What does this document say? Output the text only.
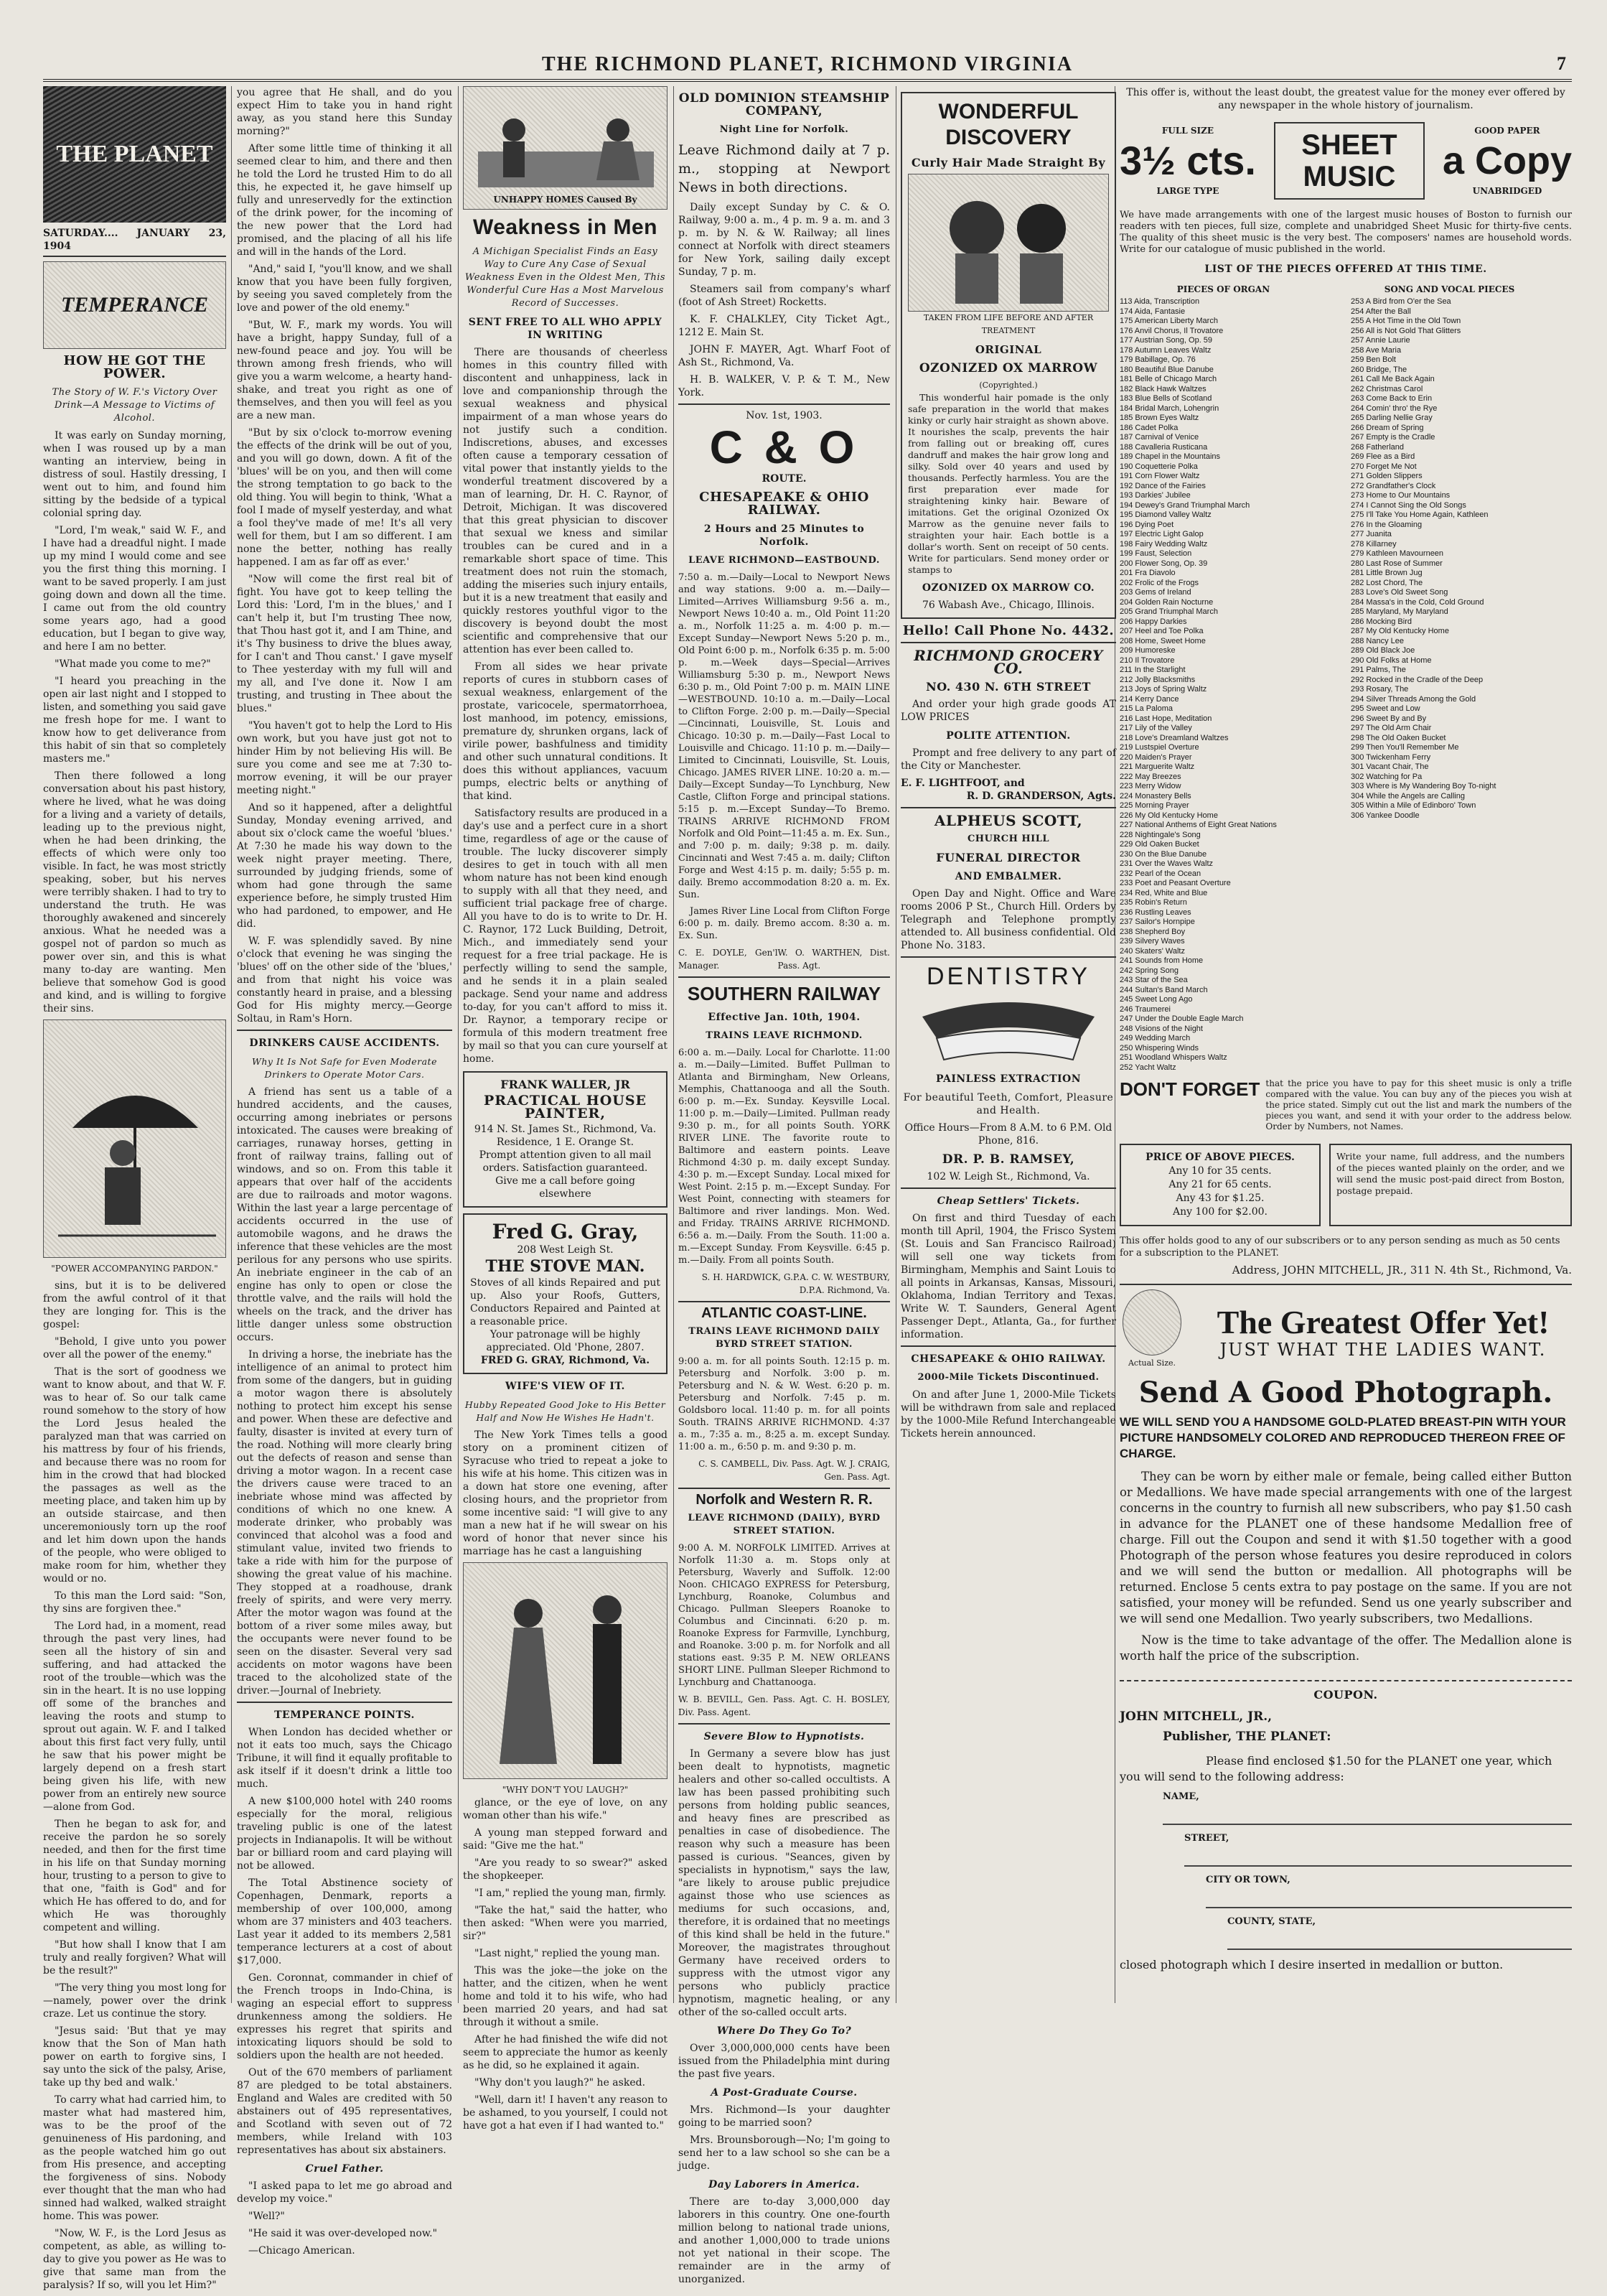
THE RICHMOND PLANET, RICHMOND VIRGINIA	7
THE PLANET
SATURDAY.... JANUARY 23, 1904
TEMPERANCE
HOW HE GOT THE POWER.
The Story of W. F.'s Victory Over Drink—A Message to Victims of Alcohol.

It was early on Sunday morning, when I was roused up by a man wanting an interview, being in distress of soul. Hastily dressing, I went out to him, and found him sitting by the bedside of a typical colonial spring day.

"Lord, I'm weak," said W. F., and I have had a dreadful night. I made up my mind I would come and see you the first thing this morning. I want to be saved properly. I am just going down and down all the time. I came out from the old country some years ago, had a good education, but I began to give way, and here I am no better.

"What made you come to me?"

"I heard you preaching in the open air last night and I stopped to listen, and something you said gave me fresh hope for me. I want to know how to get deliverance from this habit of sin that so completely masters me."

Then there followed a long conversation about his past history, where he lived, what he was doing for a living and a variety of details, leading up to the previous night, when he had been drinking, the effects of which were only too visible. In fact, he was most strictly speaking, sober, but his nerves were terribly shaken. I had to try to understand the truth. He was thoroughly awakened and sincerely anxious. What he needed was a gospel not of pardon so much as power over sin, and this is what many to-day are wanting. Men believe that somehow God is good and kind, and is willing to forgive their sins.

"POWER ACCOMPANYING PARDON."

sins, but it is to be delivered from the awful control of it that they are longing for. This is the gospel:

"Behold, I give unto you power over all the power of the enemy."

That is the sort of goodness we want to know about, and that W. F. was to hear of. So our talk came round somehow to the story of how the Lord Jesus healed the paralyzed man that was carried on his mattress by four of his friends, and because there was no room for him in the crowd that had blocked the passages as well as the meeting place, and taken him up by an outside staircase, and then unceremoniously torn up the roof and let him down upon the hands of the people, who were obliged to make room for him, whether they would or no.

To this man the Lord said: "Son, thy sins are forgiven thee."

The Lord had, in a moment, read through the past very lines, had seen all the history of sin and suffering, and had attacked the root of the trouble—which was the sin in the heart. It is no use lopping off some of the branches and leaving the roots and stump to sprout out again. W. F. and I talked about this first fact very fully, until he saw that his power might be largely depend on a fresh start being given his life, with new power from an entirely new source—alone from God.

Then he began to ask for, and receive the pardon he so sorely needed, and then for the first time in his life on that Sunday morning hour, trusting to a person to give to that one, "faith is God" and for which He has offered to do, and for which He was thoroughly competent and willing.

"But how shall I know that I am truly and really forgiven? What will be the result?"

"The very thing you most long for—namely, power over the drink craze. Let us continue the story.

"Jesus said: 'But that ye may know that the Son of Man hath power on earth to forgive sins, I say unto the sick of the palsy, Arise, take up thy bed and walk.'

To carry what had carried him, to master what had mastered him, was to be the proof of the genuineness of His pardoning, and as the people watched him go out from His presence, and accepting the forgiveness of sins. Nobody ever thought that the man who had sinned had walked, walked straight home. This was power.

"Now, W. F., is the Lord Jesus as competent, as able, as willing to-day to give you power as He was to give that same man from the paralysis? If so, will you let Him?"

you agree that He shall, and do you expect Him to take you in hand right away, as you stand here this Sunday morning?"

After some little time of thinking it all seemed clear to him, and there and then he told the Lord he trusted Him to do all this, he expected it, he gave himself up fully and unreservedly for the extinction of the drink power, for the incoming of the new power that the Lord had promised, and the placing of all his life and will in the hands of the Lord.

"And," said I, "you'll know, and we shall know that you have been fully forgiven, by seeing you saved completely from the love and power of the old enemy."

"But, W. F., mark my words. You will have a bright, happy Sunday, full of a new-found peace and joy. You will be thrown among fresh friends, who will give you a warm welcome, a hearty hand-shake, and treat you right as one of themselves, and then you will feel as you are a new man.

"But by six o'clock to-morrow evening the effects of the drink will be out of you, and you will go down, down. A fit of the 'blues' will be on you, and then will come the strong temptation to go back to the old thing. You will begin to think, 'What a fool I made of myself yesterday, and what a fool they've made of me! It's all very well for them, but I am so different. I am none the better, nothing has really happened. I am as far off as ever.'

"Now will come the first real bit of fight. You have got to keep telling the Lord this: 'Lord, I'm in the blues,' and I can't help it, but I'm trusting Thee now, that Thou hast got it, and I am Thine, and it's Thy business to drive the blues away, for I can't and Thou canst.' I gave myself to Thee yesterday with my full will and my all, and I've done it. Now I am trusting, and trusting in Thee about the blues."

"You haven't got to help the Lord to His own work, but you have just got not to hinder Him by not believing His will. Be sure you come and see me at 7:30 to-morrow evening, it will be our prayer meeting night."

And so it happened, after a delightful Sunday, Monday evening arrived, and about six o'clock came the woeful 'blues.' At 7:30 he made his way down to the week night prayer meeting. There, surrounded by judging friends, some of whom had gone through the same experience before, he simply trusted Him who had pardoned, to empower, and He did.

W. F. was splendidly saved. By nine o'clock that evening he was singing the 'blues' off on the other side of the 'blues,' and from that night his voice was constantly heard in praise, and a blessing God for His mighty mercy.—George Soltau, in Ram's Horn.

DRINKERS CAUSE ACCIDENTS.
Why It Is Not Safe for Even Moderate Drinkers to Operate Motor Cars.

A friend has sent us a table of a hundred accidents, and the causes, occurring among inebriates or persons intoxicated. The causes were breaking of carriages, runaway horses, getting in front of railway trains, falling out of windows, and so on. From this table it appears that over half of the accidents are due to railroads and motor wagons. Within the last year a large percentage of accidents occurred in the use of automobile wagons, and he draws the inference that these vehicles are the most perilous for any persons who use spirits. An inebriate engineer in the cab of an engine has only to open or close the throttle valve, and the rails will hold the wheels on the track, and the driver has little danger unless some obstruction occurs.

In driving a horse, the inebriate has the intelligence of an animal to protect him from some of the dangers, but in guiding a motor wagon there is absolutely nothing to protect him except his sense and power. When these are defective and faulty, disaster is invited at every turn of the road. Nothing will more clearly bring out the defects of reason and sense than driving a motor wagon. In a recent case the drivers cause were traced to an inebriate whose mind was affected by conditions of which no one knew. A moderate drinker, who probably was convinced that alcohol was a food and stimulant value, invited two friends to take a ride with him for the purpose of showing the great value of his machine. They stopped at a roadhouse, drank freely of spirits, and were very merry. After the motor wagon was found at the bottom of a river some miles away, but the occupants were never found to be seen on the disaster. Several very sad accidents on motor wagons have been traced to the alcoholized state of the driver.—Journal of Inebriety.

TEMPERANCE POINTS.

When London has decided whether or not it eats too much, says the Chicago Tribune, it will find it equally profitable to ask itself if it doesn't drink a little too much.

A new $100,000 hotel with 240 rooms especially for the moral, religious traveling public is one of the latest projects in Indianapolis. It will be without bar or billiard room and card playing will not be allowed.

The Total Abstinence society of Copenhagen, Denmark, reports a membership of over 100,000, among whom are 37 ministers and 403 teachers. Last year it added to its members 2,581 temperance lecturers at a cost of about $17,000.

Gen. Coronnat, commander in chief of the French troops in Indo-China, is waging an especial effort to suppress drunkenness among the soldiers. He expresses his regret that spirits and intoxicating liquors should be sold to soldiers upon the health are not heeded.

Out of the 670 members of parliament 87 are pledged to be total abstainers. England and Wales are credited with 50 abstainers out of 495 representatives, and Scotland with seven out of 72 members, while Ireland with 103 representatives has about six abstainers.

Cruel Father.

"I asked papa to let me go abroad and develop my voice."

"Well?"

"He said it was over-developed now."

—Chicago American.

UNHAPPY HOMES Caused By
Weakness in Men
A Michigan Specialist Finds an Easy Way to Cure Any Case of Sexual Weakness Even in the Oldest Men, This Wonderful Cure Has a Most Marvelous Record of Successes.
SENT FREE TO ALL WHO APPLY IN WRITING

There are thousands of cheerless homes in this country filled with discontent and unhappiness, lack in love and companionship through the sexual weakness and physical impairment of a man whose years do not justify such a condition. Indiscretions, abuses, and excesses often cause a temporary cessation of vital power that instantly yields to the wonderful treatment discovered by a man of learning, Dr. H. C. Raynor, of Detroit, Michigan. It was discovered that this great physician to discover that sexual we kness and similar troubles can be cured and in a remarkable short space of time. This treatment does not ruin the stomach, adding the miseries such injury entails, but it is a new treatment that easily and quickly restores youthful vigor to the discovery is beyond doubt the most scientific and comprehensive that our attention has ever been called to.

From all sides we hear private reports of cures in stubborn cases of sexual weakness, enlargement of the prostate, varicocele, spermatorrhoea, lost manhood, im potency, emissions, premature dy, shrunken organs, lack of virile power, bashfulness and timidity and other such unnatural conditions. It does this without appliances, vacuum pumps, electric belts or anything of that kind.

Satisfactory results are produced in a day's use and a perfect cure in a short time, regardless of age or the cause of trouble. The lucky discoverer simply desires to get in touch with all men whom nature has not been kind enough to supply with all that they need, and sufficient trial package free of charge. All you have to do is to write to Dr. H. C. Raynor, 172 Luck Building, Detroit, Mich., and immediately send your request for a free trial package. He is perfectly willing to send the sample, and he sends it in a plain sealed package. Send your name and address to-day, for you can't afford to miss it. Dr. Raynor, a temporary recipe or formula of this modern treatment free by mail so that you can cure yourself at home.

FRANK WALLER, JR
PRACTICAL HOUSE PAINTER,
914 N. St. James St., Richmond, Va.
Residence, 1 E. Orange St.
Prompt attention given to all mail orders. Satisfaction guaranteed.
Give me a call before going elsewhere
Fred G. Gray,
208 West Leigh St.
THE STOVE MAN.
Stoves of all kinds Repaired and put up. Also your Roofs, Gutters, Conductors Repaired and Painted at a reasonable price.
Your patronage will be highly appreciated. Old 'Phone, 2807.
FRED G. GRAY, Richmond, Va.
WIFE'S VIEW OF IT.
Hubby Repeated Good Joke to His Better Half and Now He Wishes He Hadn't.

The New York Times tells a good story on a prominent citizen of Syracuse who tried to repeat a joke to his wife at his home. This citizen was in a down hat store one evening, after closing hours, and the proprietor from some incentive said: "I will give to any man a new hat if he will swear on his word of honor that never since his marriage has he cast a languishing

"WHY DON'T YOU LAUGH?"

glance, or the eye of love, on any woman other than his wife."

A young man stepped forward and said: "Give me the hat."

"Are you ready to so swear?" asked the shopkeeper.

"I am," replied the young man, firmly.

"Take the hat," said the hatter, who then asked: "When were you married, sir?"

"Last night," replied the young man.

This was the joke—the joke on the hatter, and the citizen, when he went home and told it to his wife, who had been married 20 years, and had sat through it without a smile.

After he had finished the wife did not seem to appreciate the humor as keenly as he did, so he explained it again.

"Why don't you laugh?" he asked.

"Well, darn it! I haven't any reason to be ashamed, to you yourself, I could not have got a hat even if I had wanted to."

OLD DOMINION STEAMSHIP COMPANY,
Night Line for Norfolk.

Leave Richmond daily at 7 p. m., stopping at Newport News in both directions.

Daily except Sunday by C. & O. Railway, 9:00 a. m., 4 p. m. 9 a. m. and 3 p. m. by N. & W. Railway; all lines connect at Norfolk with direct steamers for New York, sailing daily except Sunday, 7 p. m.

Steamers sail from company's wharf (foot of Ash Street) Rocketts.

K. F. CHALKLEY, City Ticket Agt., 1212 E. Main St.

JOHN F. MAYER, Agt. Wharf Foot of Ash St., Richmond, Va.

H. B. WALKER, V. P. & T. M., New York.

Nov. 1st, 1903.
C & O
ROUTE.
CHESAPEAKE & OHIO RAILWAY.
2 Hours and 25 Minutes to Norfolk.
LEAVE RICHMOND—EASTBOUND.

7:50 a. m.—Daily—Local to Newport News and way stations. 9:00 a. m.—Daily—Limited—Arrives Williamsburg 9:56 a. m., Newport News 10:40 a. m., Old Point 11:20 a. m., Norfolk 11:25 a. m. 4:00 p. m.—Except Sunday—Newport News 5:20 p. m., Old Point 6:00 p. m., Norfolk 6:35 p. m. 5:00 p. m.—Week days—Special—Arrives Williamsburg 5:30 p. m., Newport News 6:30 p. m., Old Point 7:00 p. m. MAIN LINE—WESTBOUND. 10:10 a. m.—Daily—Local to Clifton Forge. 2:00 p. m.—Daily—Special—Cincinnati, Louisville, St. Louis and Chicago. 10:30 p. m.—Daily—Fast Local to Louisville and Chicago. 11:10 p. m.—Daily—Limited to Cincinnati, Louisville, St. Louis, Chicago. JAMES RIVER LINE. 10:20 a. m.—Daily—Except Sunday—To Lynchburg, New Castle, Clifton Forge and principal stations. 5:15 p. m.—Except Sunday—To Bremo. TRAINS ARRIVE RICHMOND FROM Norfolk and Old Point—11:45 a. m. Ex. Sun., and 7:00 p. m. daily; 9:38 p. m. daily. Cincinnati and West 7:45 a. m. daily; Clifton Forge and West 4:15 p. m. daily; 5:55 p. m. daily. Bremo accommodation 8:20 a. m. Ex. Sun.

James River Line Local from Clifton Forge 6:00 p. m. daily. Bremo accom. 8:30 a. m. Ex. Sun.

C. E. DOYLE, Gen'l Manager.
W. O. WARTHEN, Dist. Pass. Agt.
SOUTHERN RAILWAY
Effective Jan. 10th, 1904.
TRAINS LEAVE RICHMOND.

6:00 a. m.—Daily. Local for Charlotte. 11:00 a. m.—Daily—Limited. Buffet Pullman to Atlanta and Birmingham, New Orleans, Memphis, Chattanooga and all the South. 6:00 p. m.—Ex. Sunday. Keysville Local. 11:00 p. m.—Daily—Limited. Pullman ready 9:30 p. m., for all points South. YORK RIVER LINE. The favorite route to Baltimore and eastern points. Leave Richmond 4:30 p. m. daily except Sunday. 4:30 p. m.—Except Sunday. Local mixed for West Point. 2:15 p. m.—Except Sunday. For West Point, connecting with steamers for Baltimore and river landings. Mon. Wed. and Friday. TRAINS ARRIVE RICHMOND. 6:56 a. m.—Daily. From the South. 11:00 a. m.—Except Sunday. From Keysville. 6:45 p. m.—Daily. From all points South.

S. H. HARDWICK, G.P.A. C. W. WESTBURY, D.P.A. Richmond, Va.
ATLANTIC COAST-LINE.
TRAINS LEAVE RICHMOND DAILY BYRD STREET STATION.

9:00 a. m. for all points South. 12:15 p. m. Petersburg and Norfolk. 3:00 p. m. Petersburg and N. & W. West. 6:20 p. m. Petersburg and Norfolk. 7:45 p. m. Goldsboro local. 11:40 p. m. for all points South. TRAINS ARRIVE RICHMOND. 4:37 a. m., 7:35 a. m., 8:25 a. m. except Sunday. 11:00 a. m., 6:50 p. m. and 9:30 p. m.

C. S. CAMBELL, Div. Pass. Agt. W. J. CRAIG, Gen. Pass. Agt.
Norfolk and Western R. R.
LEAVE RICHMOND (DAILY), BYRD STREET STATION.

9:00 A. M. NORFOLK LIMITED. Arrives at Norfolk 11:30 a. m. Stops only at Petersburg, Waverly and Suffolk. 12:00 Noon. CHICAGO EXPRESS for Petersburg, Lynchburg, Roanoke, Columbus and Chicago. Pullman Sleepers Roanoke to Columbus and Cincinnati. 6:20 p. m. Roanoke Express for Farmville, Lynchburg, and Roanoke. 3:00 p. m. for Norfolk and all stations east. 9:35 P. M. NEW ORLEANS SHORT LINE. Pullman Sleeper Richmond to Lynchburg and Chattanooga.

W. B. BEVILL, Gen. Pass. Agt. C. H. BOSLEY, Div. Pass. Agent.
Severe Blow to Hypnotists.

In Germany a severe blow has just been dealt to hypnotists, magnetic healers and other so-called occultists. A law has been passed prohibiting such persons from holding public seances, and heavy fines are prescribed as penalties in case of disobedience. The reason why such a measure has been passed is curious. "Seances, given by specialists in hypnotism," says the law, "are likely to arouse public prejudice against those who use sciences as mediums for such occasions, and, therefore, it is ordained that no meetings of this kind shall be held in the future." Moreover, the magistrates throughout Germany have received orders to suppress with the utmost vigor any persons who publicly practice hypnotism, magnetic healing, or any other of the so-called occult arts.

Where Do They Go To?

Over 3,000,000,000 cents have been issued from the Philadelphia mint during the past five years.

A Post-Graduate Course.

Mrs. Richmond—Is your daughter going to be married soon?

Mrs. Brounsborough—No; I'm going to send her to a law school so she can be a judge.

Day Laborers in America.

There are to-day 3,000,000 day laborers in this country. One one-fourth million belong to national trade unions, and another 1,000,000 to trade unions not yet national in their scope. The remainder are in the army of unorganized.

WONDERFUL DISCOVERY
Curly Hair Made Straight By
TAKEN FROM LIFE BEFORE AND AFTER TREATMENT
ORIGINAL
OZONIZED OX MARROW
(Copyrighted.)

This wonderful hair pomade is the only safe preparation in the world that makes kinky or curly hair straight as shown above. It nourishes the scalp, prevents the hair from falling out or breaking off, cures dandruff and makes the hair grow long and silky. Sold over 40 years and used by thousands. Perfectly harmless. You are the first preparation ever made for straightening kinky hair. Beware of imitations. Get the original Ozonized Ox Marrow as the genuine never fails to straighten your hair. Each bottle is a dollar's worth. Sent on receipt of 50 cents. Write for particulars. Send money order or stamps to

OZONIZED OX MARROW CO.
76 Wabash Ave., Chicago, Illinois.
Hello! Call Phone No. 4432.
RICHMOND GROCERY CO.
NO. 430 N. 6TH STREET

And order your high grade goods AT LOW PRICES

POLITE ATTENTION.

Prompt and free delivery to any part of the City or Manchester.

E. F. LIGHTFOOT, and
R. D. GRANDERSON, Agts.
ALPHEUS SCOTT,
CHURCH HILL
FUNERAL DIRECTOR
AND EMBALMER.

Open Day and Night. Office and Ware rooms 2006 P St., Church Hill. Orders by Telegraph and Telephone promptly attended to. All business confidential. Old Phone No. 3183.

DENTISTRY
PAINLESS EXTRACTION
For beautiful Teeth, Comfort, Pleasure and Health.
Office Hours—From 8 A.M. to 6 P.M. Old Phone, 816.
DR. P. B. RAMSEY,
102 W. Leigh St., Richmond, Va.
Cheap Settlers' Tickets.

On first and third Tuesday of each month till April, 1904, the Frisco System (St. Louis and San Francisco Railroad) will sell one way tickets from Birmingham, Memphis and Saint Louis to all points in Arkansas, Kansas, Missouri, Oklahoma, Indian Territory and Texas. Write W. T. Saunders, General Agent Passenger Dept., Atlanta, Ga., for further information.

CHESAPEAKE & OHIO RAILWAY.
2000-Mile Tickets Discontinued.

On and after June 1, 2000-Mile Tickets will be withdrawn from sale and replaced by the 1000-Mile Refund Interchangeable Tickets herein announced.

This offer is, without the least doubt, the greatest value for the money ever offered by any newspaper in the whole history of journalism.
FULL SIZE
3½ cts.
LARGE TYPE
SHEET MUSIC
GOOD PAPER
a Copy
UNABRIDGED
We have made arrangements with one of the largest music houses of Boston to furnish our readers with ten pieces, full size, complete and unabridged Sheet Music for thirty-five cents. The quality of this sheet music is the very best. The composers' names are household words. Write for our catalogue of music published in the world.
LIST OF THE PIECES OFFERED AT THIS TIME.
PIECES OF ORGAN	SONG AND VOCAL PIECES
113 Aida, Transcription
174 Aida, Fantasie
175 American Liberty March
176 Anvil Chorus, Il Trovatore
177 Austrian Song, Op. 59
178 Autumn Leaves Waltz
179 Babillage, Op. 76
180 Beautiful Blue Danube
181 Belle of Chicago March
182 Black Hawk Waltzes
183 Blue Bells of Scotland
184 Bridal March, Lohengrin
185 Brown Eyes Waltz
186 Cadet Polka
187 Carnival of Venice
188 Cavalleria Rusticana
189 Chapel in the Mountains
190 Coquetterie Polka
191 Corn Flower Waltz
192 Dance of the Fairies
193 Darkies' Jubilee
194 Dewey's Grand Triumphal March
195 Diamond Valley Waltz
196 Dying Poet
197 Electric Light Galop
198 Fairy Wedding Waltz
199 Faust, Selection
200 Flower Song, Op. 39
201 Fra Diavolo
202 Frolic of the Frogs
203 Gems of Ireland
204 Golden Rain Nocturne
205 Grand Triumphal March
206 Happy Darkies
207 Heel and Toe Polka
208 Home, Sweet Home
209 Humoreske
210 Il Trovatore
211 In the Starlight
212 Jolly Blacksmiths
213 Joys of Spring Waltz
214 Kerry Dance
215 La Paloma
216 Last Hope, Meditation
217 Lily of the Valley
218 Love's Dreamland Waltzes
219 Lustspiel Overture
220 Maiden's Prayer
221 Marguerite Waltz
222 May Breezes
223 Merry Widow
224 Monastery Bells
225 Morning Prayer
226 My Old Kentucky Home
227 National Anthems of Eight Great Nations
228 Nightingale's Song
229 Old Oaken Bucket
230 On the Blue Danube
231 Over the Waves Waltz
232 Pearl of the Ocean
233 Poet and Peasant Overture
234 Red, White and Blue
235 Robin's Return
236 Rustling Leaves
237 Sailor's Hornpipe
238 Shepherd Boy
239 Silvery Waves
240 Skaters' Waltz
241 Sounds from Home
242 Spring Song
243 Star of the Sea
244 Sultan's Band March
245 Sweet Long Ago
246 Traumerei
247 Under the Double Eagle March
248 Visions of the Night
249 Wedding March
250 Whispering Winds
251 Woodland Whispers Waltz
252 Yacht Waltz
253 A Bird from O'er the Sea
254 After the Ball
255 A Hot Time in the Old Town
256 All is Not Gold That Glitters
257 Annie Laurie
258 Ave Maria
259 Ben Bolt
260 Bridge, The
261 Call Me Back Again
262 Christmas Carol
263 Come Back to Erin
264 Comin' thro' the Rye
265 Darling Nellie Gray
266 Dream of Spring
267 Empty is the Cradle
268 Fatherland
269 Flee as a Bird
270 Forget Me Not
271 Golden Slippers
272 Grandfather's Clock
273 Home to Our Mountains
274 I Cannot Sing the Old Songs
275 I'll Take You Home Again, Kathleen
276 In the Gloaming
277 Juanita
278 Killarney
279 Kathleen Mavourneen
280 Last Rose of Summer
281 Little Brown Jug
282 Lost Chord, The
283 Love's Old Sweet Song
284 Massa's in the Cold, Cold Ground
285 Maryland, My Maryland
286 Mocking Bird
287 My Old Kentucky Home
288 Nancy Lee
289 Old Black Joe
290 Old Folks at Home
291 Palms, The
292 Rocked in the Cradle of the Deep
293 Rosary, The
294 Silver Threads Among the Gold
295 Sweet and Low
296 Sweet By and By
297 The Old Arm Chair
298 The Old Oaken Bucket
299 Then You'll Remember Me
300 Twickenham Ferry
301 Vacant Chair, The
302 Watching for Pa
303 Where is My Wandering Boy To-night
304 While the Angels are Calling
305 Within a Mile of Edinboro' Town
306 Yankee Doodle
DON'T FORGET that the price you have to pay for this sheet music is only a trifle compared with the value. You can buy any of the pieces you wish at the price stated. Simply cut out the list and mark the numbers of the pieces you want, and send it with your order to the address below. Order by Numbers, not Names.
PRICE OF ABOVE PIECES.
Any 10 for 35 cents.
Any 21 for 65 cents.
Any 43 for $1.25.
Any 100 for $2.00.
Write your name, full address, and the numbers of the pieces wanted plainly on the order, and we will send the music post-paid direct from Boston, postage prepaid.
This offer holds good to any of our subscribers or to any person sending as much as 50 cents for a subscription to the PLANET.
Address, JOHN MITCHELL, JR., 311 N. 4th St., Richmond, Va.
Actual Size.
The Greatest Offer Yet!
JUST WHAT THE LADIES WANT.
Send A Good Photograph.
WE WILL SEND YOU A HANDSOME GOLD-PLATED BREAST-PIN WITH YOUR PICTURE HANDSOMELY COLORED AND REPRODUCED THEREON FREE OF CHARGE.
They can be worn by either male or female, being called either Button or Medallions. We have made special arrangements with one of the largest concerns in the country to furnish all new subscribers, who pay $1.50 cash in advance for the PLANET one of these handsome Medallion free of charge. Fill out the Coupon and send it with $1.50 together with a good Photograph of the person whose features you desire reproduced in colors and we will send the button or medallion. All photographs will be returned. Enclose 5 cents extra to pay postage on the same. If you are not satisfied, your money will be refunded. Send us one yearly subscriber and we will send one Medallion. Two yearly subscribers, two Medallions.
Now is the time to take advantage of the offer. The Medallion alone is worth half the price of the subscription.
COUPON.
JOHN MITCHELL, JR.,
Publisher, THE PLANET:
Please find enclosed $1.50 for the PLANET one year, which you will send to the following address:
NAME,
STREET,
CITY OR TOWN,
COUNTY, STATE,
closed photograph which I desire inserted in medallion or button.
